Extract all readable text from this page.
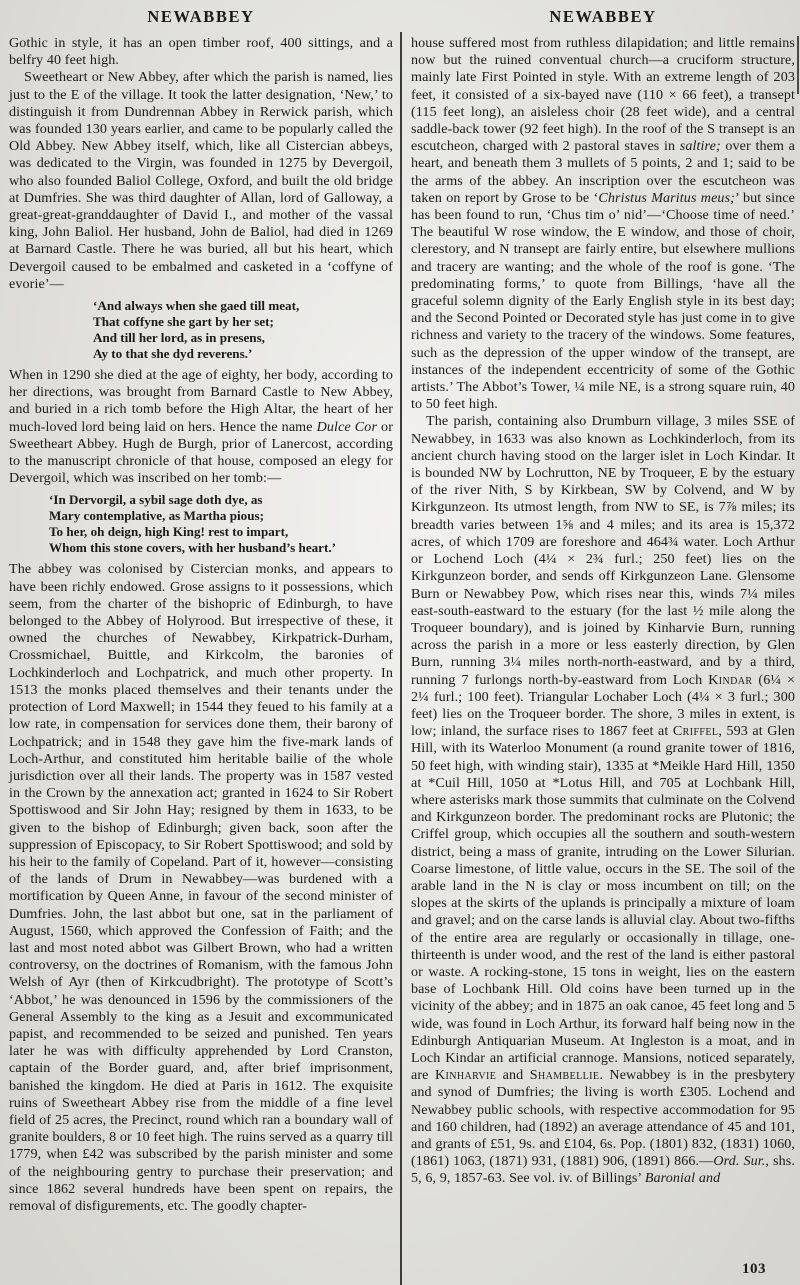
NEWABBEY

Gothic in style, it has an open timber roof, 400 sittings, and a belfry 40 feet high.

Sweetheart or New Abbey, after which the parish is named, lies just to the E of the village. It took the latter designation, ‘New,’ to distinguish it from Dundrennan Abbey in Rerwick parish, which was founded 130 years earlier, and came to be popularly called the Old Abbey. New Abbey itself, which, like all Cistercian abbeys, was dedicated to the Virgin, was founded in 1275 by Devergoil, who also founded Baliol College, Oxford, and built the old bridge at Dumfries. She was third daughter of Allan, lord of Galloway, a great-great-granddaughter of David I., and mother of the vassal king, John Baliol. Her husband, John de Baliol, had died in 1269 at Barnard Castle. There he was buried, all but his heart, which Devergoil caused to be embalmed and casketed in a ‘coffyne of evorie’—

‘And always when she gaed till meat,
That coffyne she gart by her set;
And till her lord, as in presens,
Ay to that she dyd reverens.’

When in 1290 she died at the age of eighty, her body, according to her directions, was brought from Barnard Castle to New Abbey, and buried in a rich tomb before the High Altar, the heart of her much-loved lord being laid on hers. Hence the name Dulce Cor or Sweetheart Abbey. Hugh de Burgh, prior of Lanercost, according to the manuscript chronicle of that house, composed an elegy for Devergoil, which was inscribed on her tomb:—

‘In Dervorgil, a sybil sage doth dye, as
Mary contemplative, as Martha pious;
To her, oh deign, high King! rest to impart,
Whom this stone covers, with her husband’s heart.’

The abbey was colonised by Cistercian monks, and appears to have been richly endowed. Grose assigns to it possessions, which seem, from the charter of the bishopric of Edinburgh, to have belonged to the Abbey of Holyrood. But irrespective of these, it owned the churches of Newabbey, Kirkpatrick-Durham, Crossmichael, Buittle, and Kirkcolm, the baronies of Lochkinderloch and Lochpatrick, and much other property. In 1513 the monks placed themselves and their tenants under the protection of Lord Maxwell; in 1544 they feued to his family at a low rate, in compensation for services done them, their barony of Lochpatrick; and in 1548 they gave him the five-mark lands of Loch-Arthur, and constituted him heritable bailie of the whole jurisdiction over all their lands. The property was in 1587 vested in the Crown by the annexation act; granted in 1624 to Sir Robert Spottiswood and Sir John Hay; resigned by them in 1633, to be given to the bishop of Edinburgh; given back, soon after the suppression of Episcopacy, to Sir Robert Spottiswood; and sold by his heir to the family of Copeland. Part of it, however—consisting of the lands of Drum in Newabbey—was burdened with a mortification by Queen Anne, in favour of the second minister of Dumfries. John, the last abbot but one, sat in the parliament of August, 1560, which approved the Confession of Faith; and the last and most noted abbot was Gilbert Brown, who had a written controversy, on the doctrines of Romanism, with the famous John Welsh of Ayr (then of Kirkcudbright). The prototype of Scott’s ‘Abbot,’ he was denounced in 1596 by the commissioners of the General Assembly to the king as a Jesuit and excommunicated papist, and recommended to be seized and punished. Ten years later he was with difficulty apprehended by Lord Cranston, captain of the Border guard, and, after brief imprisonment, banished the kingdom. He died at Paris in 1612. The exquisite ruins of Sweetheart Abbey rise from the middle of a fine level field of 25 acres, the Precinct, round which ran a boundary wall of granite boulders, 8 or 10 feet high. The ruins served as a quarry till 1779, when £42 was subscribed by the parish minister and some of the neighbouring gentry to purchase their preservation; and since 1862 several hundreds have been spent on repairs, the removal of disfigurements, etc. The goodly chapter-

NEWABBEY

house suffered most from ruthless dilapidation; and little remains now but the ruined conventual church—a cruciform structure, mainly late First Pointed in style. With an extreme length of 203 feet, it consisted of a six-bayed nave (110 × 66 feet), a transept (115 feet long), an aisleless choir (28 feet wide), and a central saddle-back tower (92 feet high). In the roof of the S transept is an escutcheon, charged with 2 pastoral staves in saltire; over them a heart, and beneath them 3 mullets of 5 points, 2 and 1; said to be the arms of the abbey. An inscription over the escutcheon was taken on report by Grose to be ‘Christus Maritus meus;’ but since has been found to run, ‘Chus tim o’ nid’—‘Choose time of need.’ The beautiful W rose window, the E window, and those of choir, clerestory, and N transept are fairly entire, but elsewhere mullions and tracery are wanting; and the whole of the roof is gone. ‘The predominating forms,’ to quote from Billings, ‘have all the graceful solemn dignity of the Early English style in its best day; and the Second Pointed or Decorated style has just come in to give richness and variety to the tracery of the windows. Some features, such as the depression of the upper window of the transept, are instances of the independent eccentricity of some of the Gothic artists.’ The Abbot’s Tower, ¼ mile NE, is a strong square ruin, 40 to 50 feet high.

The parish, containing also Drumburn village, 3 miles SSE of Newabbey, in 1633 was also known as Lochkinderloch, from its ancient church having stood on the larger islet in Loch Kindar. It is bounded NW by Lochrutton, NE by Troqueer, E by the estuary of the river Nith, S by Kirkbean, SW by Colvend, and W by Kirkgunzeon. Its utmost length, from NW to SE, is 7⅞ miles; its breadth varies between 1⅝ and 4 miles; and its area is 15,372 acres, of which 1709 are foreshore and 464¾ water. Loch Arthur or Lochend Loch (4¼ × 2¾ furl.; 250 feet) lies on the Kirkgunzeon border, and sends off Kirkgunzeon Lane. Glensome Burn or Newabbey Pow, which rises near this, winds 7¼ miles east-south-eastward to the estuary (for the last ½ mile along the Troqueer boundary), and is joined by Kinharvie Burn, running across the parish in a more or less easterly direction, by Glen Burn, running 3¼ miles north-north-eastward, and by a third, running 7 furlongs north-by-eastward from Loch Kindar (6¼ × 2¼ furl.; 100 feet). Triangular Lochaber Loch (4¼ × 3 furl.; 300 feet) lies on the Troqueer border. The shore, 3 miles in extent, is low; inland, the surface rises to 1867 feet at Criffel, 593 at Glen Hill, with its Waterloo Monument (a round granite tower of 1816, 50 feet high, with winding stair), 1335 at *Meikle Hard Hill, 1350 at *Cuil Hill, 1050 at *Lotus Hill, and 705 at Lochbank Hill, where asterisks mark those summits that culminate on the Colvend and Kirkgunzeon border. The predominant rocks are Plutonic; the Criffel group, which occupies all the southern and south-western district, being a mass of granite, intruding on the Lower Silurian. Coarse limestone, of little value, occurs in the SE. The soil of the arable land in the N is clay or moss incumbent on till; on the slopes at the skirts of the uplands is principally a mixture of loam and gravel; and on the carse lands is alluvial clay. About two-fifths of the entire area are regularly or occasionally in tillage, one-thirteenth is under wood, and the rest of the land is either pastoral or waste. A rocking-stone, 15 tons in weight, lies on the eastern base of Lochbank Hill. Old coins have been turned up in the vicinity of the abbey; and in 1875 an oak canoe, 45 feet long and 5 wide, was found in Loch Arthur, its forward half being now in the Edinburgh Antiquarian Museum. At Ingleston is a moat, and in Loch Kindar an artificial crannoge. Mansions, noticed separately, are Kinharvie and Shambellie. Newabbey is in the presbytery and synod of Dumfries; the living is worth £305. Lochend and Newabbey public schools, with respective accommodation for 95 and 160 children, had (1892) an average attendance of 45 and 101, and grants of £51, 9s. and £104, 6s. Pop. (1801) 832, (1831) 1060, (1861) 1063, (1871) 931, (1881) 906, (1891) 866.—Ord. Sur., shs. 5, 6, 9, 1857-63. See vol. iv. of Billings’ Baronial and

103
